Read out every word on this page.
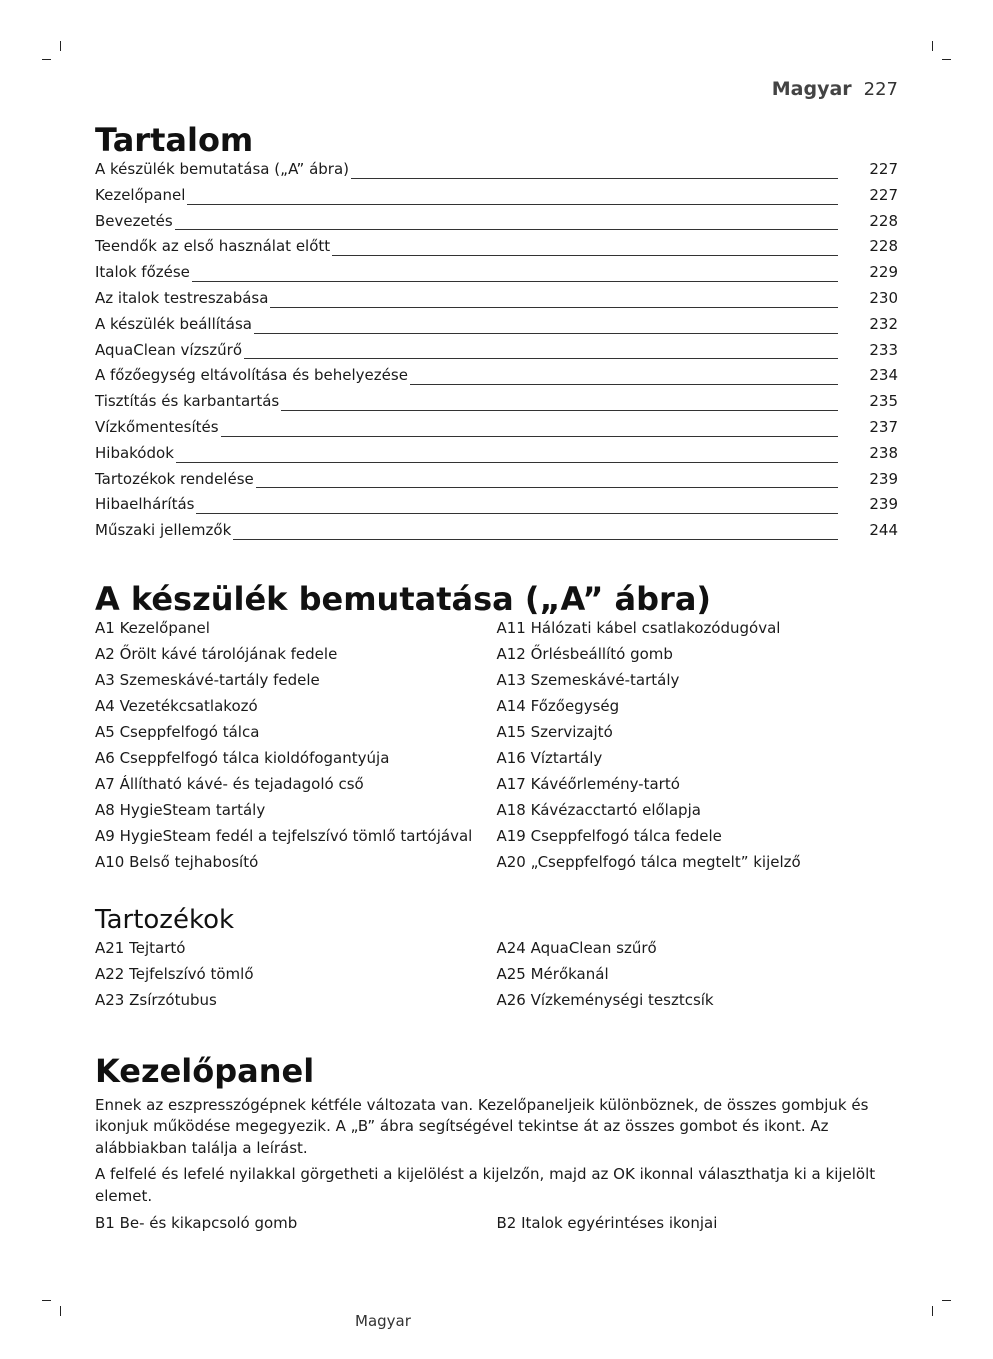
Magyar 227
Tartalom
A készülék bemutatása („A” ábra)	227
Kezelőpanel	227
Bevezetés	228
Teendők az első használat előtt	228
Italok főzése	229
Az italok testreszabása	230
A készülék beállítása	232
AquaClean vízszűrő	233
A főzőegység eltávolítása és behelyezése	234
Tisztítás és karbantartás	235
Vízkőmentesítés	237
Hibakódok	238
Tartozékok rendelése	239
Hibaelhárítás	239
Műszaki jellemzők	244
A készülék bemutatása („A” ábra)

A1 Kezelőpanel

A2 Őrölt kávé tárolójának fedele

A3 Szemeskávé-tartály fedele

A4 Vezetékcsatlakozó

A5 Cseppfelfogó tálca

A6 Cseppfelfogó tálca kioldófogantyúja

A7 Állítható kávé- és tejadagoló cső

A8 HygieSteam tartály

A9 HygieSteam fedél a tejfelszívó tömlő tartójával

A10 Belső tejhabosító

A11 Hálózati kábel csatlakozódugóval

A12 Őrlésbeállító gomb

A13 Szemeskávé-tartály

A14 Főzőegység

A15 Szervizajtó

A16 Víztartály

A17 Kávéőrlemény-tartó

A18 Kávézacctartó előlapja

A19 Cseppfelfogó tálca fedele

A20 „Cseppfelfogó tálca megtelt” kijelző

Tartozékok

A21 Tejtartó

A22 Tejfelszívó tömlő

A23 Zsírzótubus

A24 AquaClean szűrő

A25 Mérőkanál

A26 Vízkeménységi tesztcsík

Kezelőpanel

Ennek az eszpresszógépnek kétféle változata van. Kezelőpaneljeik különböznek, de összes gombjuk és ikonjuk működése megegyezik. A „B” ábra segítségével tekintse át az összes gombot és ikont. Az alábbiakban találja a leírást.

A felfelé és lefelé nyilakkal görgetheti a kijelölést a kijelzőn, majd az OK ikonnal választhatja ki a kijelölt elemet.

B1 Be- és kikapcsoló gomb	B2 Italok egyérintéses ikonjai

Magyar
